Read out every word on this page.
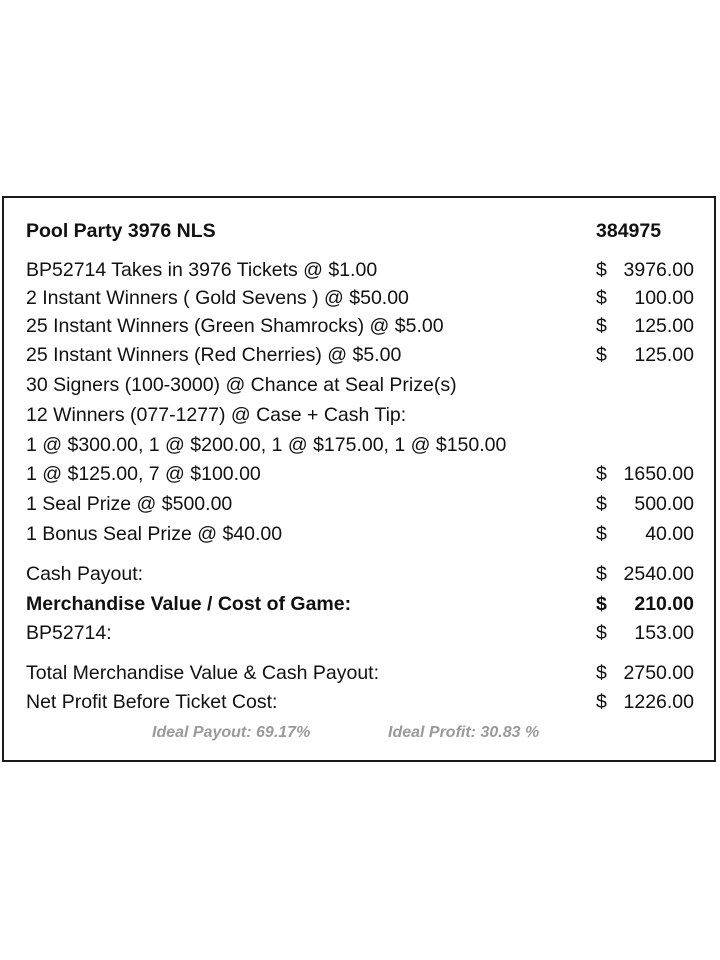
Pool Party 3976 NLS	384975
BP52714 Takes in 3976 Tickets @ $1.00	$ 3976.00
2 Instant Winners ( Gold Sevens ) @ $50.00	$ 100.00
25 Instant Winners (Green Shamrocks) @ $5.00	$ 125.00
25 Instant Winners (Red Cherries) @ $5.00	$ 125.00
30 Signers (100-3000) @ Chance at Seal Prize(s)
12 Winners (077-1277) @ Case + Cash Tip:
1 @ $300.00, 1 @ $200.00, 1 @ $175.00, 1 @ $150.00
1 @ $125.00, 7 @ $100.00	$ 1650.00
1 Seal Prize @ $500.00	$ 500.00
1 Bonus Seal Prize @ $40.00	$ 40.00
Cash Payout:	$ 2540.00
Merchandise Value / Cost of Game:	$ 210.00
BP52714:	$ 153.00
Total Merchandise Value & Cash Payout:	$ 2750.00
Net Profit Before Ticket Cost:	$ 1226.00
Ideal Payout: 69.17%	Ideal Profit: 30.83 %
